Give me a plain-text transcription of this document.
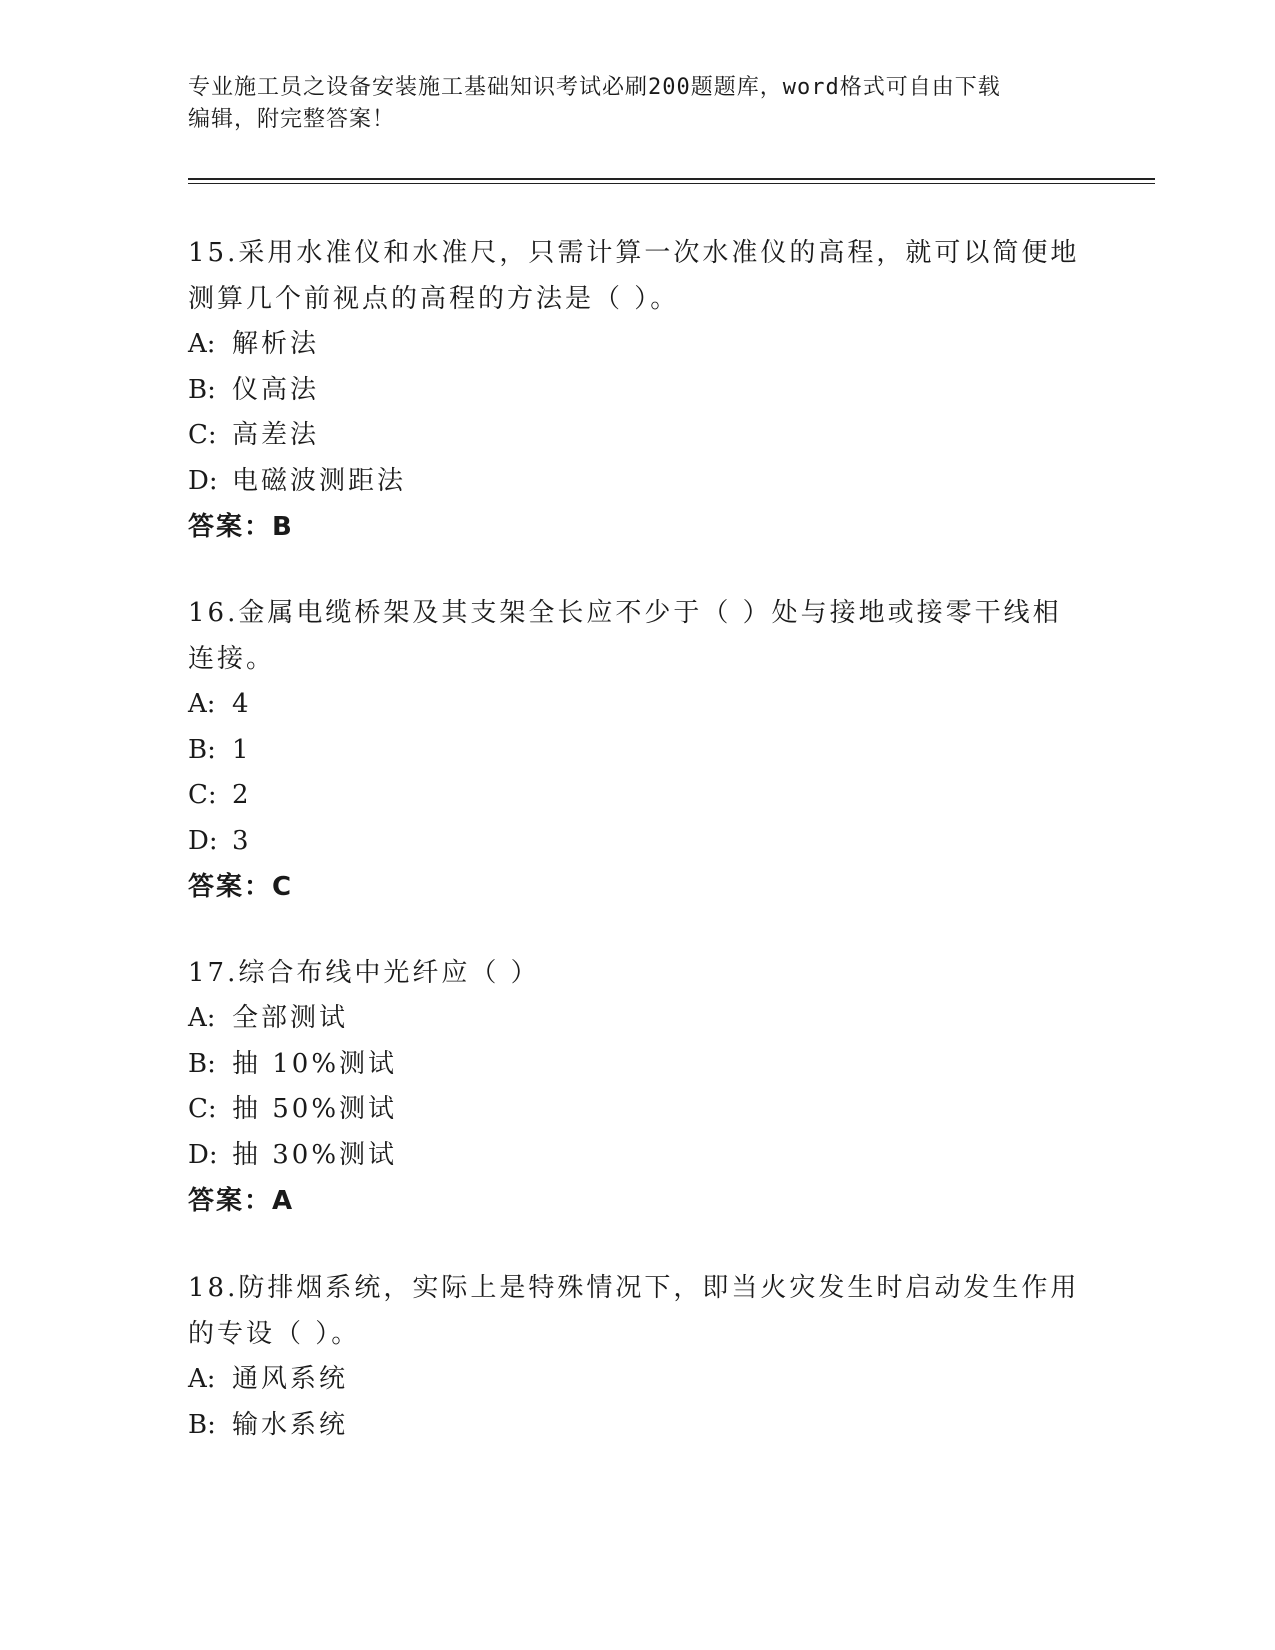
专业施工员之设备安装施工基础知识考试必刷200题题库，word格式可自由下载
编辑，附完整答案！
15.采用水准仪和水准尺，只需计算一次水准仪的高程，就可以简便地
测算几个前视点的高程的方法是（ ）。
A: 解析法
B: 仪高法
C: 高差法
D: 电磁波测距法
答案：B
16.金属电缆桥架及其支架全长应不少于（ ）处与接地或接零干线相
连接。
A: 4
B: 1
C: 2
D: 3
答案：C
17.综合布线中光纤应（ ）
A: 全部测试
B: 抽 10%测试
C: 抽 50%测试
D: 抽 30%测试
答案：A
18.防排烟系统，实际上是特殊情况下，即当火灾发生时启动发生作用
的专设（ ）。
A: 通风系统
B: 输水系统
